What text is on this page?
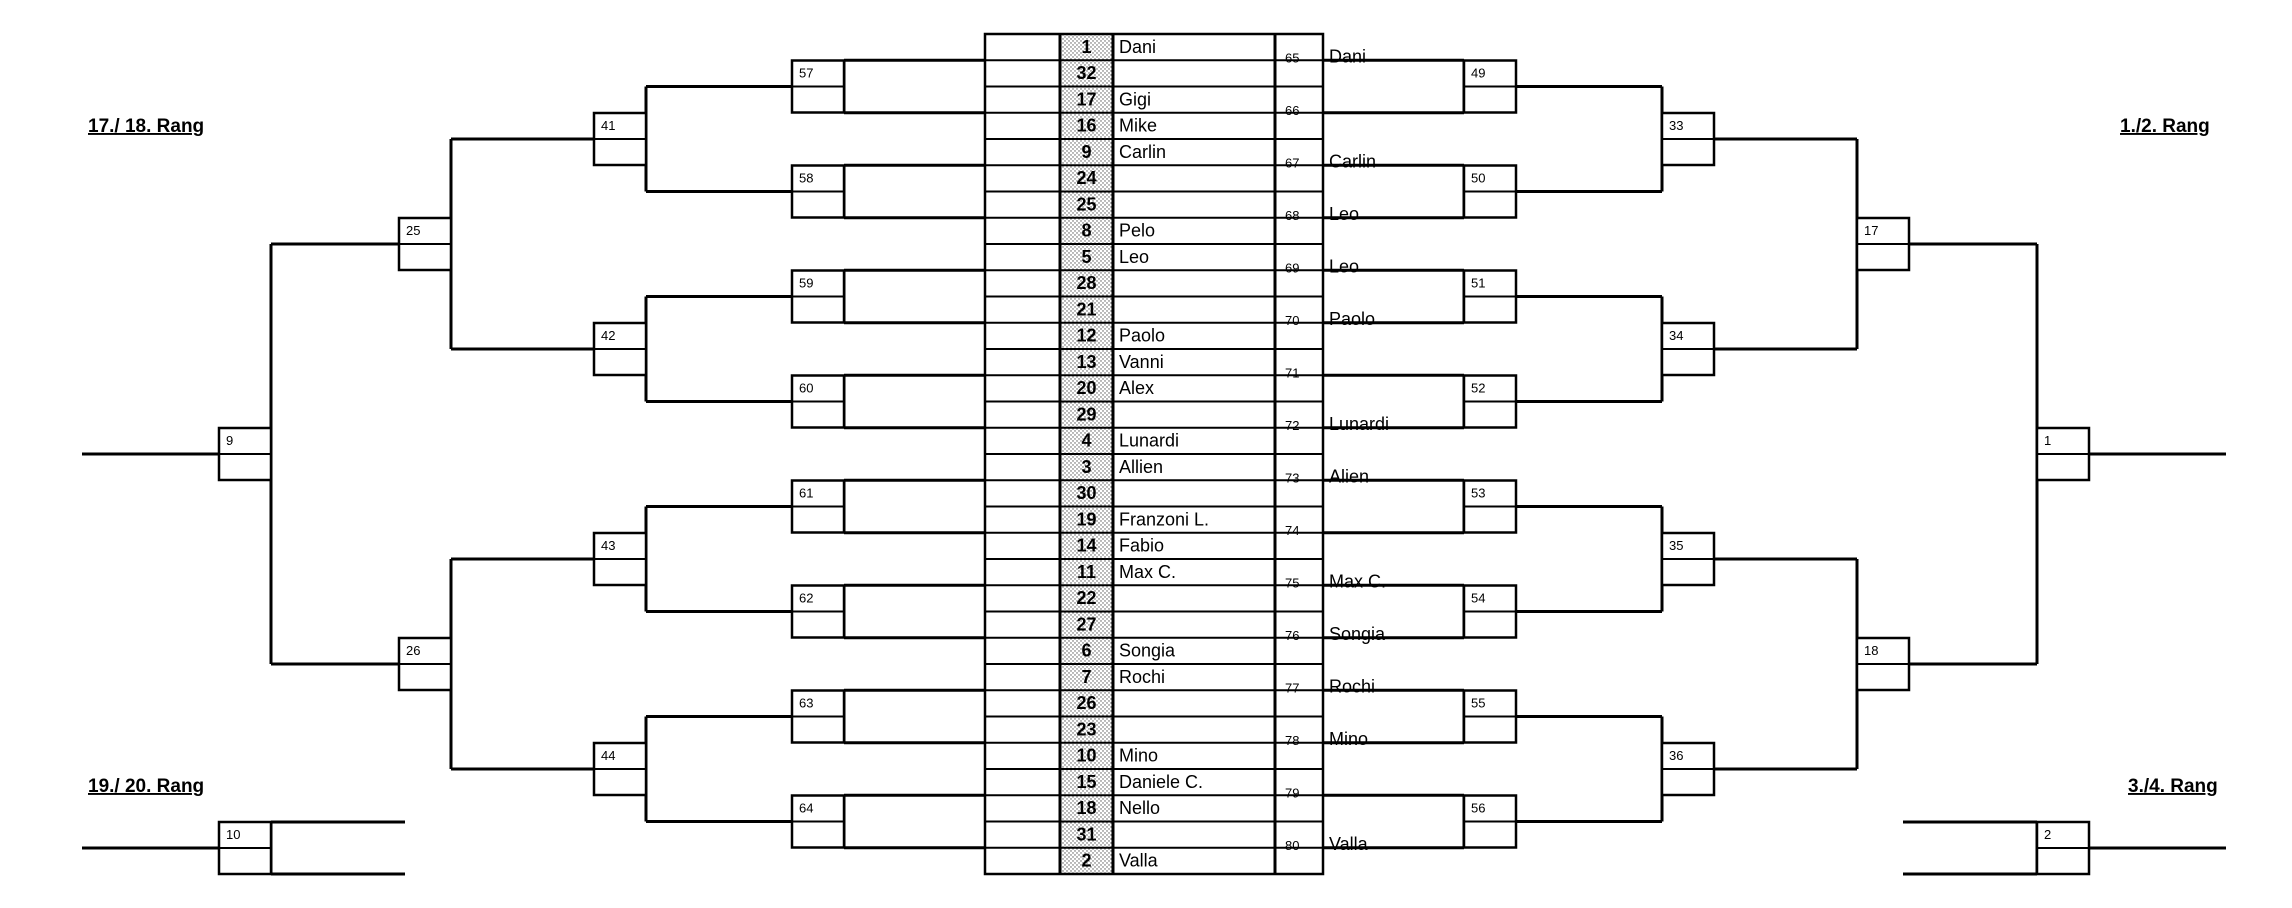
17./ 18. Rang	1./2. Rang
19./ 20. Rang	3./4. Rang
1 Dani
32
17 Gigi
16 Mike
9 Carlin
24
25
8 Pelo
5 Leo
28
21
12 Paolo
13 Vanni
20 Alex
29
4 Lunardi
3 Allien
30
19 Franzoni L.
14 Fabio
11 Max C.
22
27
6 Songia
7 Rochi
26
23
10 Mino
15 Daniele C.
18 Nello
31
2 Valla
65 Dani
66
67 Carlin
68 Leo
69 Leo
70 Paolo
71
72 Lunardi
73 Alien
74
75 Max C.
76 Songia
77 Rochi
78 Mino
79
80 Valla
57
58
59
60
61
62
63
64
41
42
43
44
25
26
9
10
49
50
51
52
53
54
55
56
33
34
35
36
17
18
1
2
